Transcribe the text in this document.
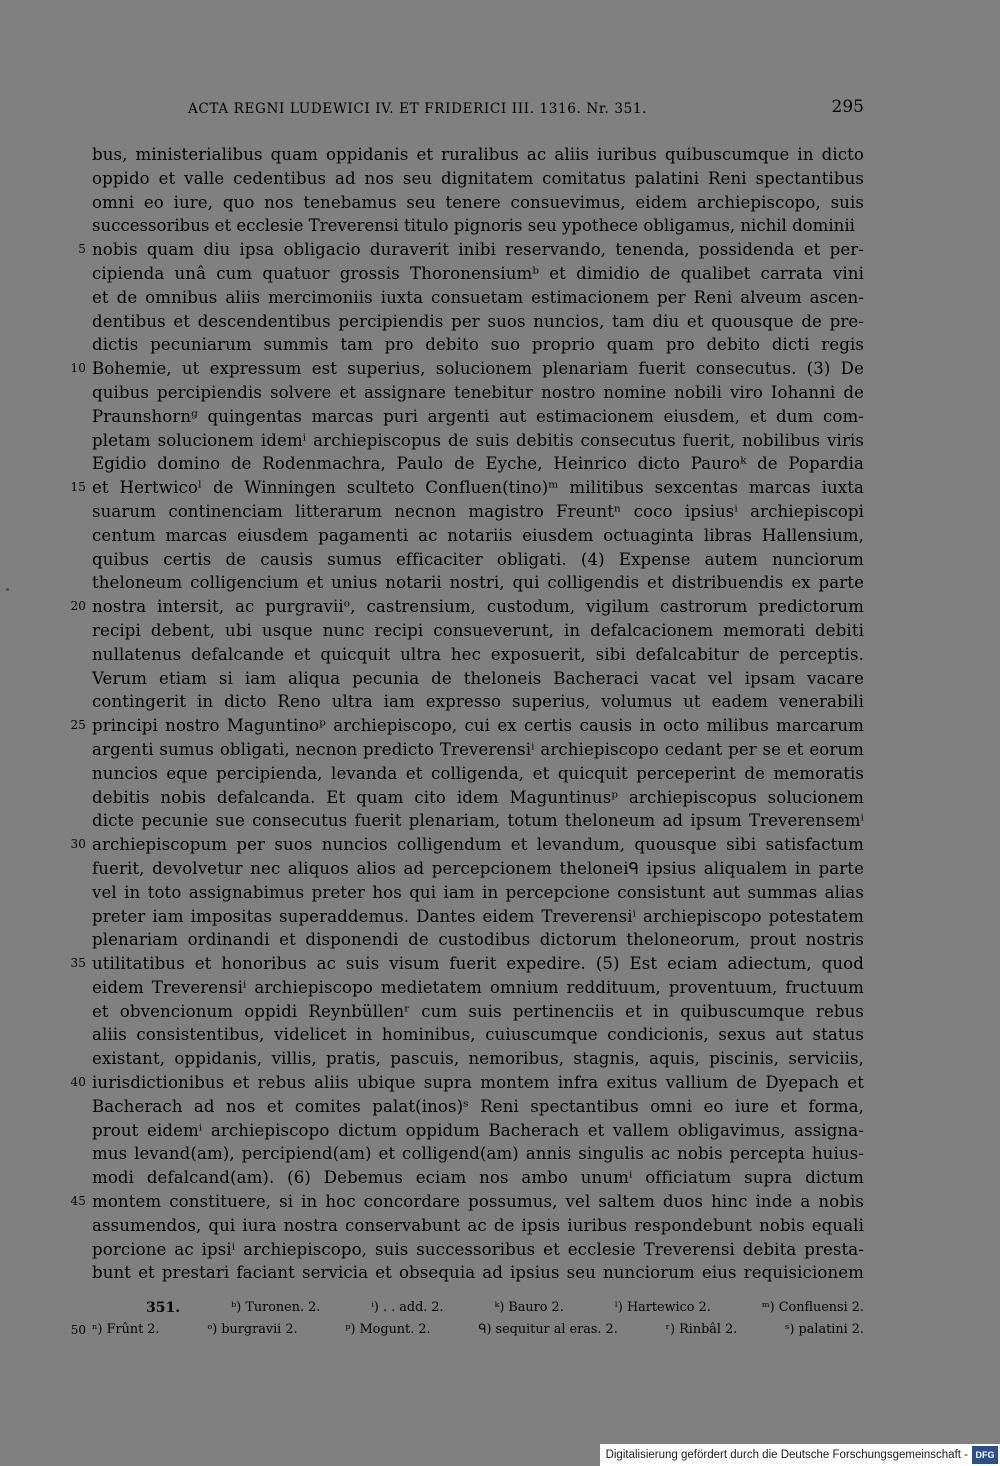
ACTA REGNI LUDEWICI IV. ET FRIDERICI III. 1316. Nr. 351.	295
bus, ministerialibus quam oppidanis et ruralibus ac aliis iuribus quibuscumque in dicto
oppido et valle cedentibus ad nos seu dignitatem comitatus palatini Reni spectantibus
omni eo iure, quo nos tenebamus seu tenere consuevimus, eidem archiepiscopo, suis
successoribus et ecclesie Treverensi titulo pignoris seu ypothece obligamus, nichil dominii
5 nobis quam diu ipsa obligacio duraverit inibi reservando, tenenda, possidenda et per-
cipienda unâ cum quatuor grossis Thoronensiumᵇ et dimidio de qualibet carrata vini
et de omnibus aliis mercimoniis iuxta consuetam estimacionem per Reni alveum ascen-
dentibus et descendentibus percipiendis per suos nuncios, tam diu et quousque de pre-
dictis pecuniarum summis tam pro debito suo proprio quam pro debito dicti regis
10 Bohemie, ut expressum est superius, solucionem plenariam fuerit consecutus. (3) De
quibus percipiendis solvere et assignare tenebitur nostro nomine nobili viro Iohanni de
Praunshornᵍ quingentas marcas puri argenti aut estimacionem eiusdem, et dum com-
pletam solucionem idemⁱ archiepiscopus de suis debitis consecutus fuerit, nobilibus viris
Egidio domino de Rodenmachra, Paulo de Eyche, Heinrico dicto Pauroᵏ de Popardia
15 et Hertwicoˡ de Winningen sculteto Confluen(tino)ᵐ militibus sexcentas marcas iuxta
suarum continenciam litterarum necnon magistro Freuntⁿ coco ipsiusⁱ archiepiscopi
centum marcas eiusdem pagamenti ac notariis eiusdem octuaginta libras Hallensium,
quibus certis de causis sumus efficaciter obligati. (4) Expense autem nunciorum
theloneum colligencium et unius notarii nostri, qui colligendis et distribuendis ex parte
20 nostra intersit, ac purgraviiᵒ, castrensium, custodum, vigilum castrorum predictorum
recipi debent, ubi usque nunc recipi consueverunt, in defalcacionem memorati debiti
nullatenus defalcande et quicquit ultra hec exposuerit, sibi defalcabitur de perceptis.
Verum etiam si iam aliqua pecunia de theloneis Bacheraci vacat vel ipsam vacare
contingerit in dicto Reno ultra iam expresso superius, volumus ut eadem venerabili
25 principi nostro Maguntinoᵖ archiepiscopo, cui ex certis causis in octo milibus marcarum
argenti sumus obligati, necnon predicto Treverensiⁱ archiepiscopo cedant per se et eorum
nuncios eque percipienda, levanda et colligenda, et quicquit perceperint de memoratis
debitis nobis defalcanda. Et quam cito idem Maguntinusᵖ archiepiscopus solucionem
dicte pecunie sue consecutus fuerit plenariam, totum theloneum ad ipsum Treverensemⁱ
30 archiepiscopum per suos nuncios colligendum et levandum, quousque sibi satisfactum
fuerit, devolvetur nec aliquos alios ad percepcionem theloneiᑫ ipsius aliqualem in parte
vel in toto assignabimus preter hos qui iam in percepcione consistunt aut summas alias
preter iam impositas superaddemus. Dantes eidem Treverensiⁱ archiepiscopo potestatem
plenariam ordinandi et disponendi de custodibus dictorum theloneorum, prout nostris
35 utilitatibus et honoribus ac suis visum fuerit expedire. (5) Est eciam adiectum, quod
eidem Treverensiⁱ archiepiscopo medietatem omnium reddituum, proventuum, fructuum
et obvencionum oppidi Reynbüllenʳ cum suis pertinenciis et in quibuscumque rebus
aliis consistentibus, videlicet in hominibus, cuiuscumque condicionis, sexus aut status
existant, oppidanis, villis, pratis, pascuis, nemoribus, stagnis, aquis, piscinis, serviciis,
40 iurisdictionibus et rebus aliis ubique supra montem infra exitus vallium de Dyepach et
Bacherach ad nos et comites palat(inos)ˢ Reni spectantibus omni eo iure et forma,
prout eidemⁱ archiepiscopo dictum oppidum Bacherach et vallem obligavimus, assigna-
mus levand(am), percipiend(am) et colligend(am) annis singulis ac nobis percepta huius-
modi defalcand(am). (6) Debemus eciam nos ambo unumⁱ officiatum supra dictum
45 montem constituere, si in hoc concordare possumus, vel saltem duos hinc inde a nobis
assumendos, qui iura nostra conservabunt ac de ipsis iuribus respondebunt nobis equali
porcione ac ipsiⁱ archiepiscopo, suis successoribus et ecclesie Treverensi debita presta-
bunt et prestari faciant servicia et obsequia ad ipsius seu nunciorum eius requisicionem
351.	ᵇ) Turonen. 2.	ⁱ) . . add. 2.	ᵏ) Bauro 2.	ˡ) Hartewico 2.	ᵐ) Confluensi 2.
50 ⁿ) Frûnt 2.	ᵒ) burgravii 2.	ᵖ) Mogunt. 2.	ᑫ) sequitur al eras. 2.	ʳ) Rinbâl 2.	ˢ) palatini 2.
Digitalisierung gefördert durch die Deutsche Forschungsgemeinschaft - DFG
